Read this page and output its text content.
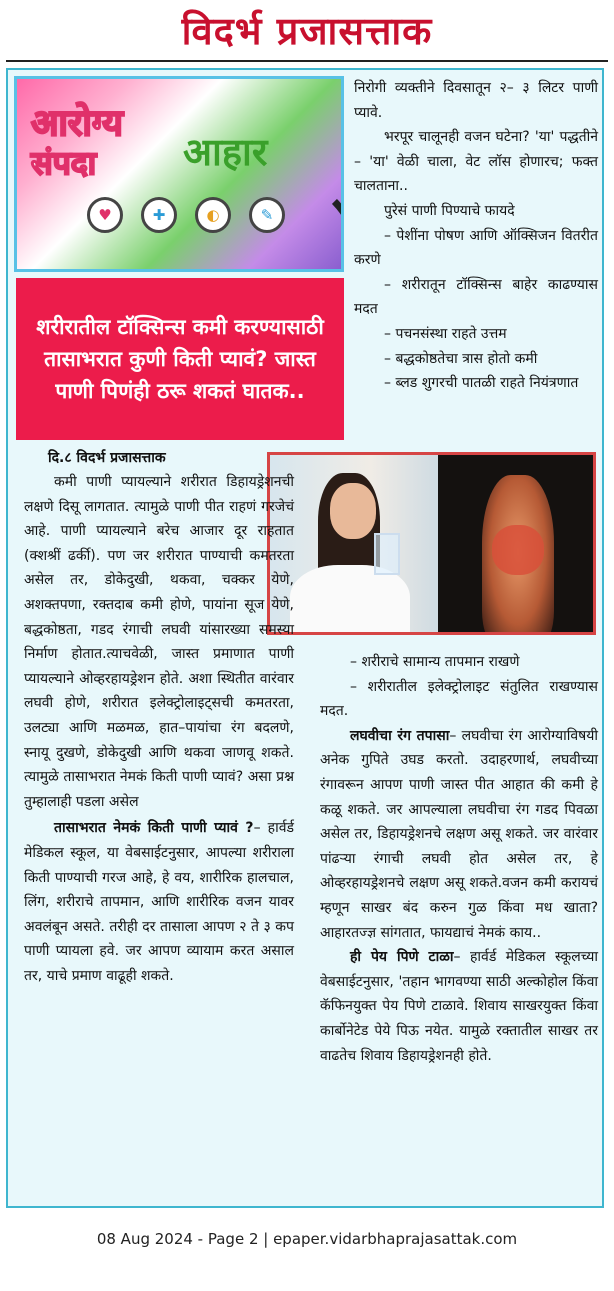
विदर्भ प्रजासत्ताक
आरोग्य
संपदा आहार
♥	✚	◐	✎

शरीरातील टॉक्सिन्स कमी करण्यासाठी तासाभरात कुणी किती प्यावं? जास्त पाणी पिणंही ठरू शकतं घातक..

निरोगी व्यक्तीने दिवसातून २– ३ लिटर पाणी प्यावे.

भरपूर चालूनही वजन घटेना? 'या' पद्धतीने – 'या' वेळी चाला, वेट लॉस होणारच; फक्त चालताना..

पुरेसं पाणी पिण्याचे फायदे

– पेशींना पोषण आणि ऑक्सिजन वितरीत करणे

– शरीरातून टॉक्सिन्स बाहेर काढण्यास मदत

– पचनसंस्था राहते उत्तम

– बद्धकोष्ठतेचा त्रास होतो कमी

– ब्लड शुगरची पातळी राहते नियंत्रणात

दि.८ विदर्भ प्रजासत्ताक

कमी पाणी प्यायल्याने शरीरात डिहायड्रेशनची लक्षणे दिसू लागतात. त्यामुळे पाणी पीत राहणं गरजेचं आहे. पाणी प्यायल्याने बरेच आजार दूर राहतात (क्शश्रीं ढर्की). पण जर शरीरात पाण्याची कमतरता असेल तर, डोकेदुखी, थकवा, चक्कर येणे, अशक्तपणा, रक्तदाब कमी होणे, पायांना सूज येणे, बद्धकोष्ठता, गडद रंगाची लघवी यांसारख्या समस्या निर्माण होतात.त्याचवेळी, जास्त प्रमाणात पाणी प्यायल्याने ओव्हरहायड्रेशन होते. अशा स्थितीत वारंवार लघवी होणे, शरीरात इलेक्ट्रोलाइट्सची कमतरता, उलट्या आणि मळमळ, हात–पायांचा रंग बदलणे, स्नायू दुखणे, डोकेदुखी आणि थकवा जाणवू शकते. त्यामुळे तासाभरात नेमकं किती पाणी प्यावं? असा प्रश्न तुम्हालाही पडला असेल

तासाभरात नेमकं किती पाणी प्यावं ?– हार्वर्ड मेडिकल स्कूल, या वेबसाईटनुसार, आपल्या शरीराला किती पाण्याची गरज आहे, हे वय, शारीरिक हालचाल, लिंग, शरीराचे तापमान, आणि शारीरिक वजन यावर अवलंबून असते. तरीही दर तासाला आपण २ ते ३ कप पाणी प्यायला हवे. जर आपण व्यायाम करत असाल तर, याचे प्रमाण वाढूही शकते.

– शरीराचे सामान्य तापमान राखणे

– शरीरातील इलेक्ट्रोलाइट संतुलित राखण्यास मदत.

लघवीचा रंग तपासा– लघवीचा रंग आरोग्याविषयी अनेक गुपिते उघड करतो. उदाहरणार्थ, लघवीच्या रंगावरून आपण पाणी जास्त पीत आहात की कमी हे कळू शकते. जर आपल्याला लघवीचा रंग गडद पिवळा असेल तर, डिहायड्रेशनचे लक्षण असू शकते. जर वारंवार पांढऱ्या रंगाची लघवी होत असेल तर, हे ओव्हरहायड्रेशनचे लक्षण असू शकते.वजन कमी करायचं म्हणून साखर बंद करुन गुळ किंवा मध खाता? आहारतज्ज्ञ सांगतात, फायद्याचं नेमकं काय..

ही पेय पिणे टाळा– हार्वर्ड मेडिकल स्कूलच्या वेबसाईटनुसार, 'तहान भागवण्या साठी अल्कोहोल किंवा कॅफिनयुक्त पेय पिणे टाळावे. शिवाय साखरयुक्त किंवा कार्बोनेटेड पेये पिऊ नयेत. यामुळे रक्तातील साखर तर वाढतेच शिवाय डिहायड्रेशनही होते.

08 Aug 2024 - Page 2 | epaper.vidarbhaprajasattak.com
